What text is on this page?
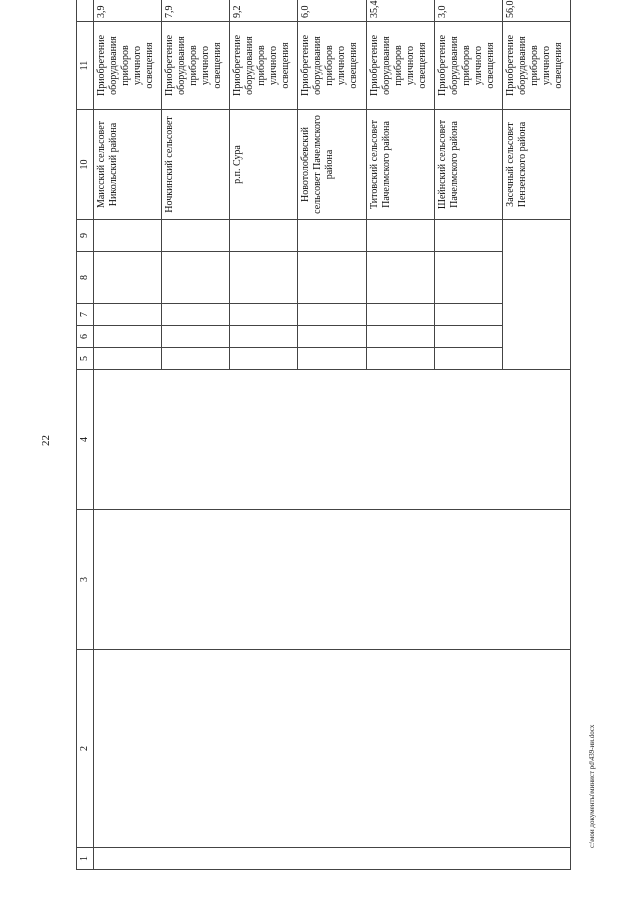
22
1	2	3	4	5	6	7	8	9	10	11	
									Маисский сельсовет Никольский района	Приобретение оборудования приборов уличного освещения	3,9
									Ночкинский сельсовет	Приобретение оборудования приборов уличного освещения	7,9
									р.п. Сура	Приобретение оборудования приборов уличного освещения	9,2
									Новотолобевский сельсовет Пачелмского района	Приобретение оборудования приборов уличного освещения	6,0
									Титовский сельсовет Пачелмского района	Приобретение оборудования приборов уличного освещения	35,4
									Шейнский сельсовет Пачелмского района	Приобретение оборудования приборов уличного освещения	3,0
									Засечный сельсовет Пензенского района	Приобретение оборудования приборов уличного освещения	56,0
c:\мои документы\минист pd\439-ии.docx
